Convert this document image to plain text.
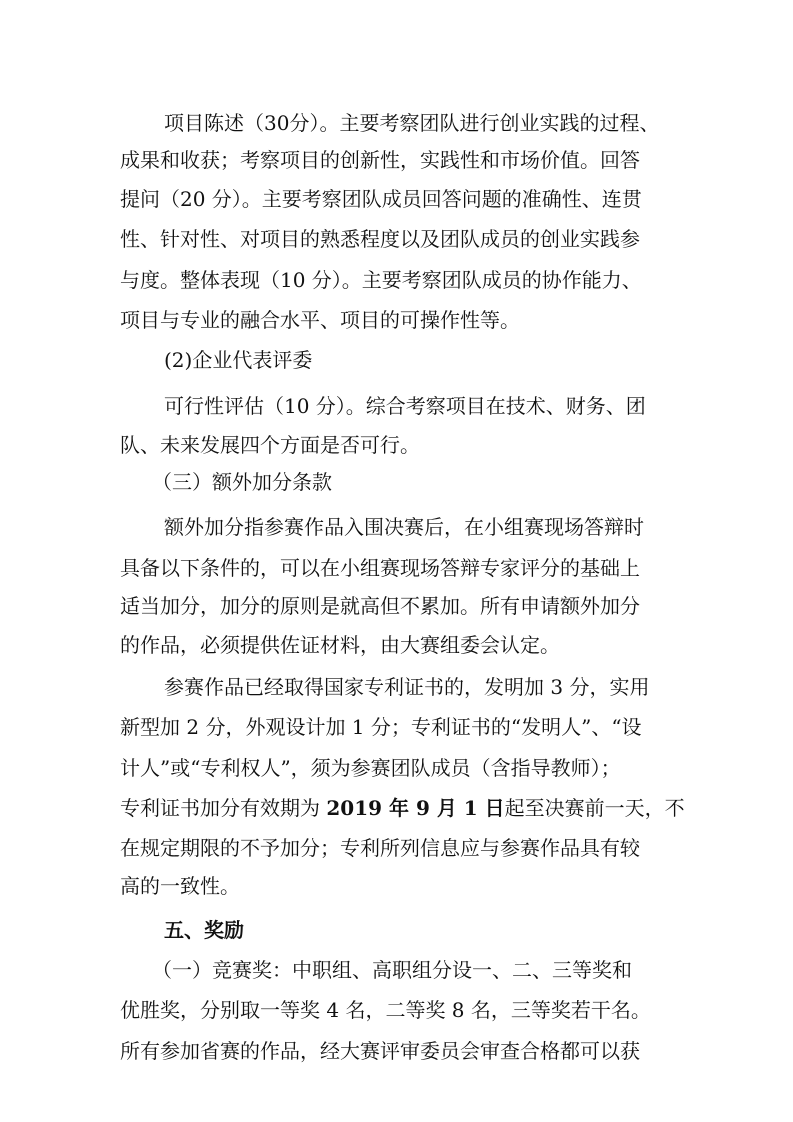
项目陈述（30分）。主要考察团队进行创业实践的过程、
成果和收获；考察项目的创新性，实践性和市场价值。回答
提问（20 分）。主要考察团队成员回答问题的准确性、连贯
性、针对性、对项目的熟悉程度以及团队成员的创业实践参
与度。整体表现（10 分）。主要考察团队成员的协作能力、
项目与专业的融合水平、项目的可操作性等。
(2)企业代表评委
可行性评估（10 分）。综合考察项目在技术、财务、团
队、未来发展四个方面是否可行。
（三）额外加分条款
额外加分指参赛作品入围决赛后，在小组赛现场答辩时
具备以下条件的，可以在小组赛现场答辩专家评分的基础上
适当加分，加分的原则是就高但不累加。所有申请额外加分
的作品，必须提供佐证材料，由大赛组委会认定。
参赛作品已经取得国家专利证书的，发明加 3 分，实用
新型加 2 分，外观设计加 1 分；专利证书的“发明人”、“设
计人”或“专利权人”，须为参赛团队成员（含指导教师）；
专利证书加分有效期为 2019 年 9 月 1 日起至决赛前一天，不
在规定期限的不予加分；专利所列信息应与参赛作品具有较
高的一致性。
五、奖励
（一）竞赛奖：中职组、高职组分设一、二、三等奖和
优胜奖，分别取一等奖 4 名，二等奖 8 名，三等奖若干名。
所有参加省赛的作品，经大赛评审委员会审查合格都可以获
